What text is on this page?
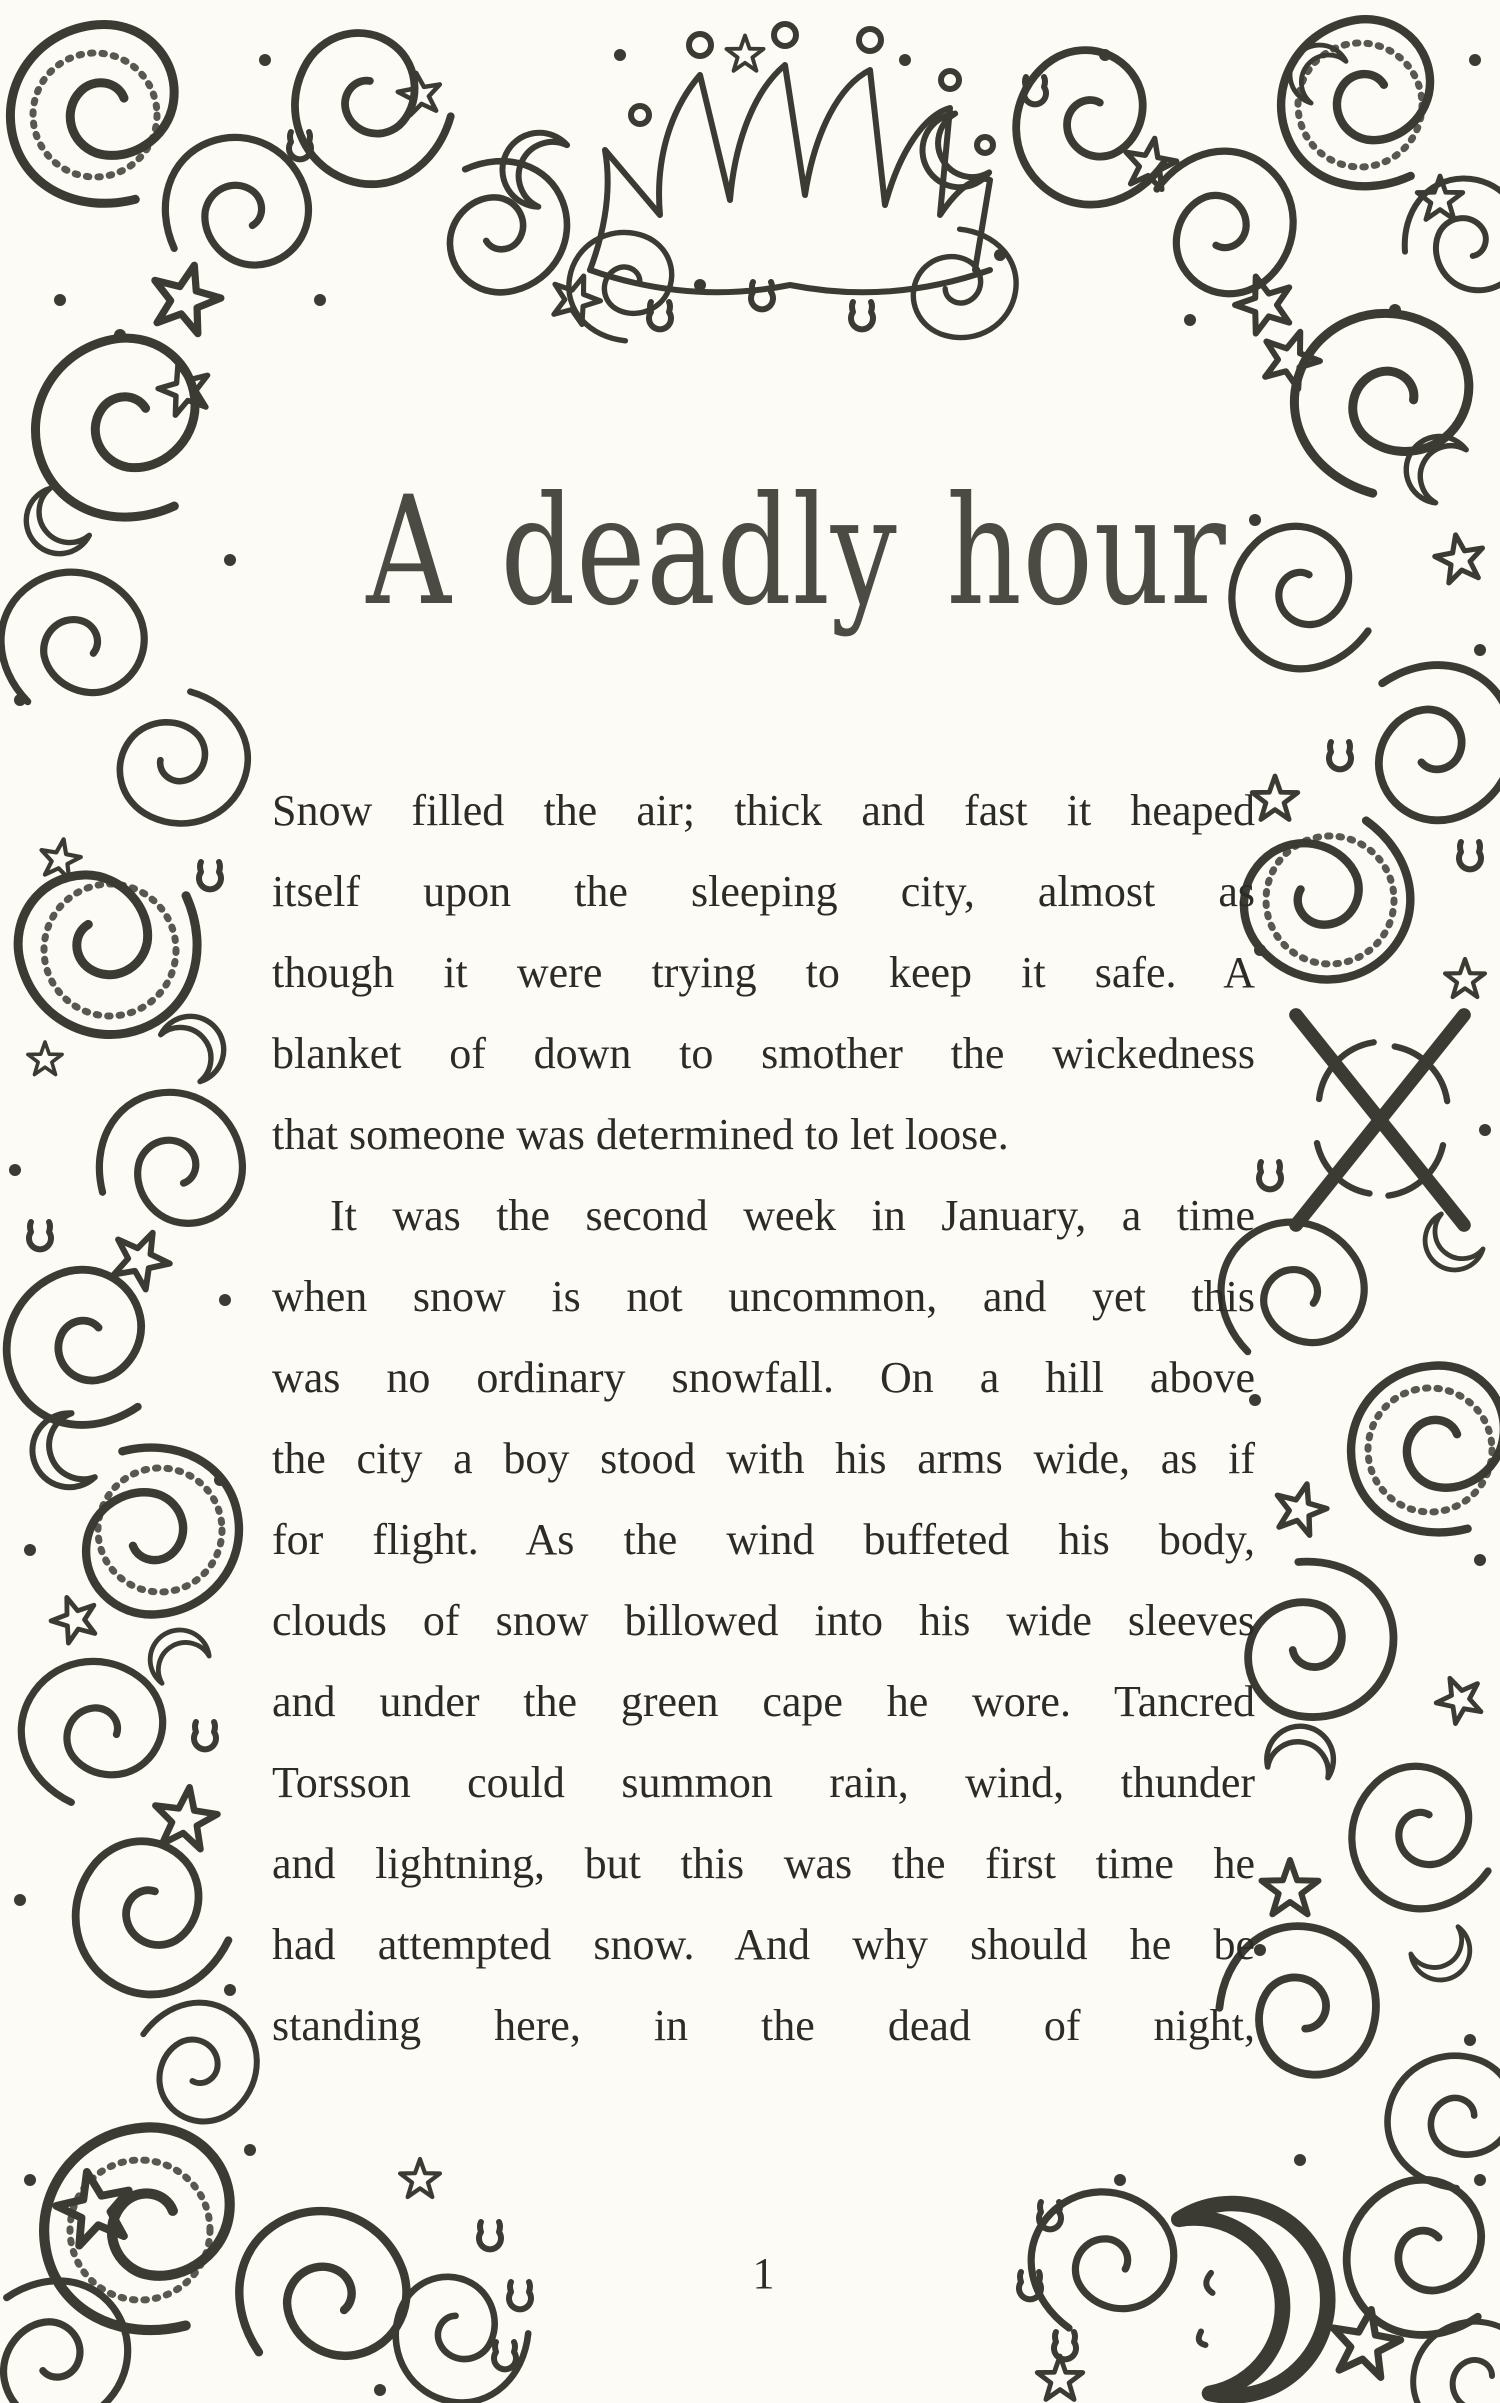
A deadly hour

Snow filled the air; thick and fast it heaped

itself upon the sleeping city, almost as

though it were trying to keep it safe. A

blanket of down to smother the wickedness

that someone was determined to let loose.

It was the second week in January, a time

when snow is not uncommon, and yet this

was no ordinary snowfall. On a hill above

the city a boy stood with his arms wide, as if

for flight. As the wind buffeted his body,

clouds of snow billowed into his wide sleeves

and under the green cape he wore. Tancred

Torsson could summon rain, wind, thunder

and lightning, but this was the first time he

had attempted snow. And why should he be

standing here, in the dead of night,

1
